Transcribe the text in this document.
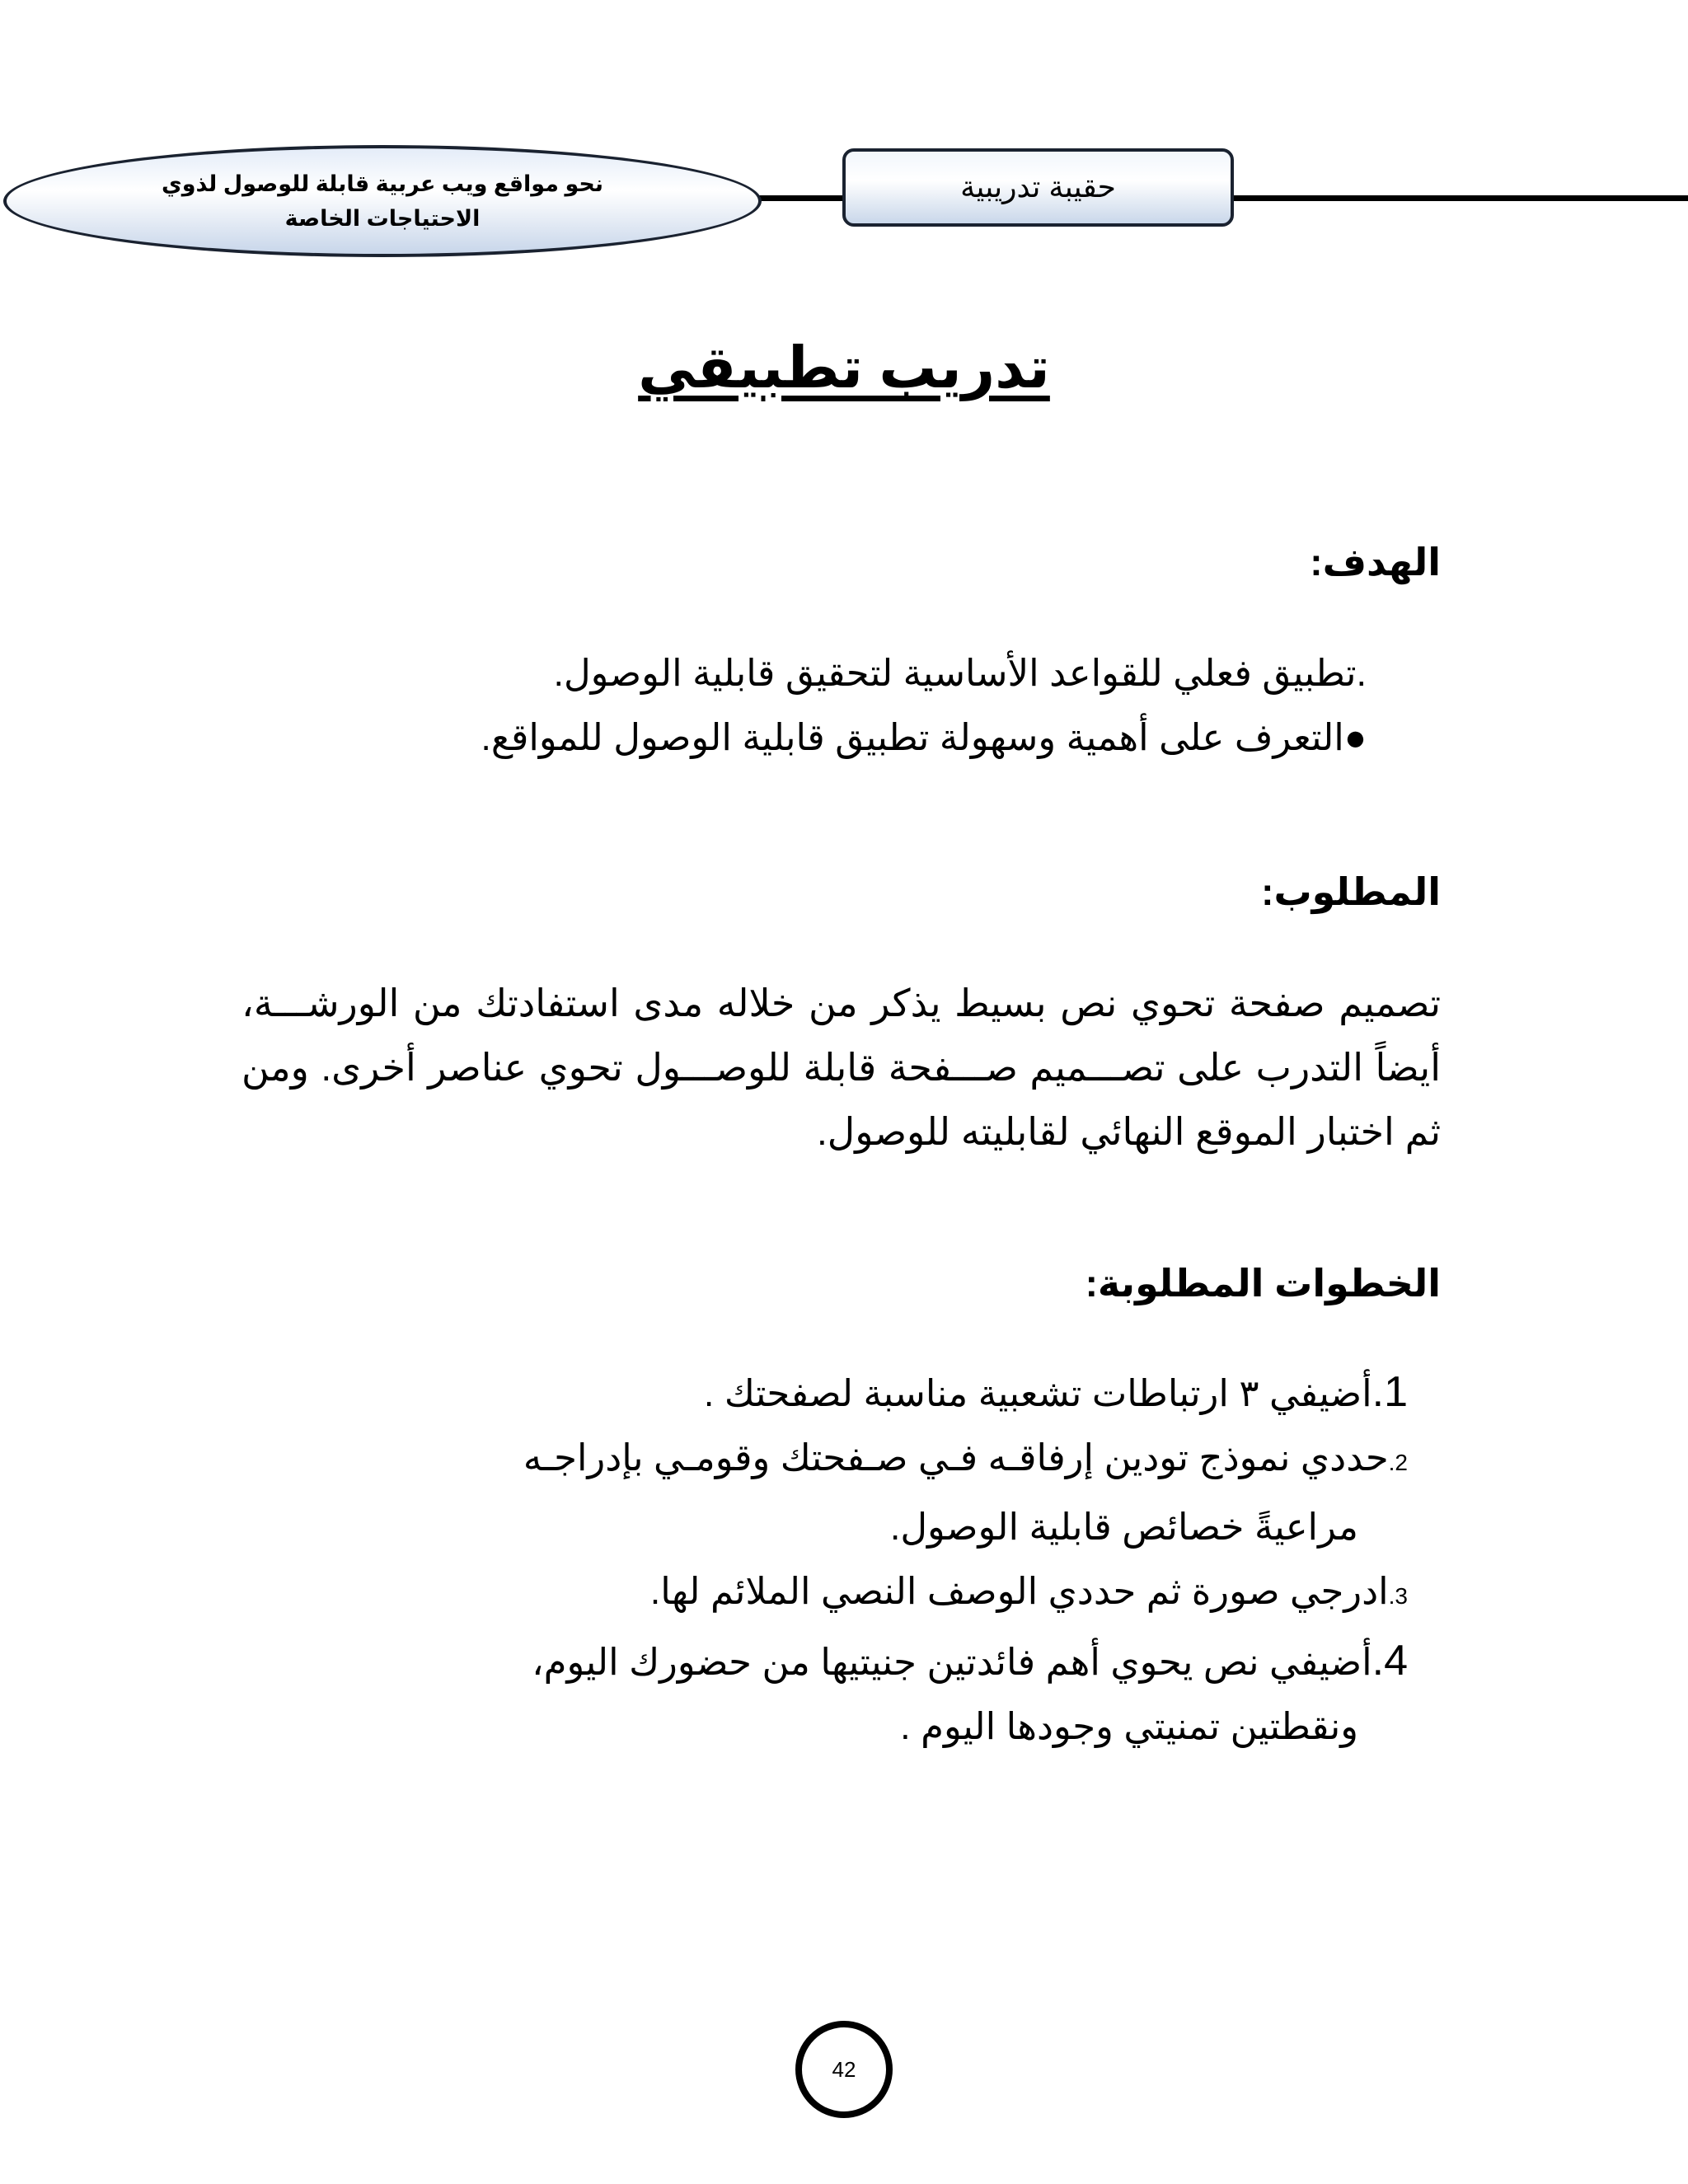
نحو مواقع ويب عربية قابلة للوصول لذوي
الاحتياجات الخاصة
حقيبة تدريبية
تدريب تطبيقي
الهدف:
.تطبيق فعلي للقواعد الأساسية لتحقيق قابلية الوصول.
●التعرف على أهمية وسهولة تطبيق قابلية الوصول للمواقع.
المطلوب:
تصميم صفحة تحوي نص بسيط يذكر من خلاله مدى استفادتك من الورشـــة، أيضاً التدرب على تصـــميم صـــفحة قابلة للوصـــول تحوي عناصر أخرى. ومن ثم اختبار الموقع النهائي لقابليته للوصول.
الخطوات المطلوبة:
1.أضيفي ٣ ارتباطات تشعبية مناسبة لصفحتك .
2.حددي نموذج تودين إرفاقـه فـي صـفحتك وقومـي بإدراجـه
مراعيةً خصائص قابلية الوصول.
3.ادرجي صورة ثم حددي الوصف النصي الملائم لها.
4.أضيفي نص يحوي أهم فائدتين جنيتيها من حضورك اليوم،
ونقطتين تمنيتي وجودها اليوم .
42
